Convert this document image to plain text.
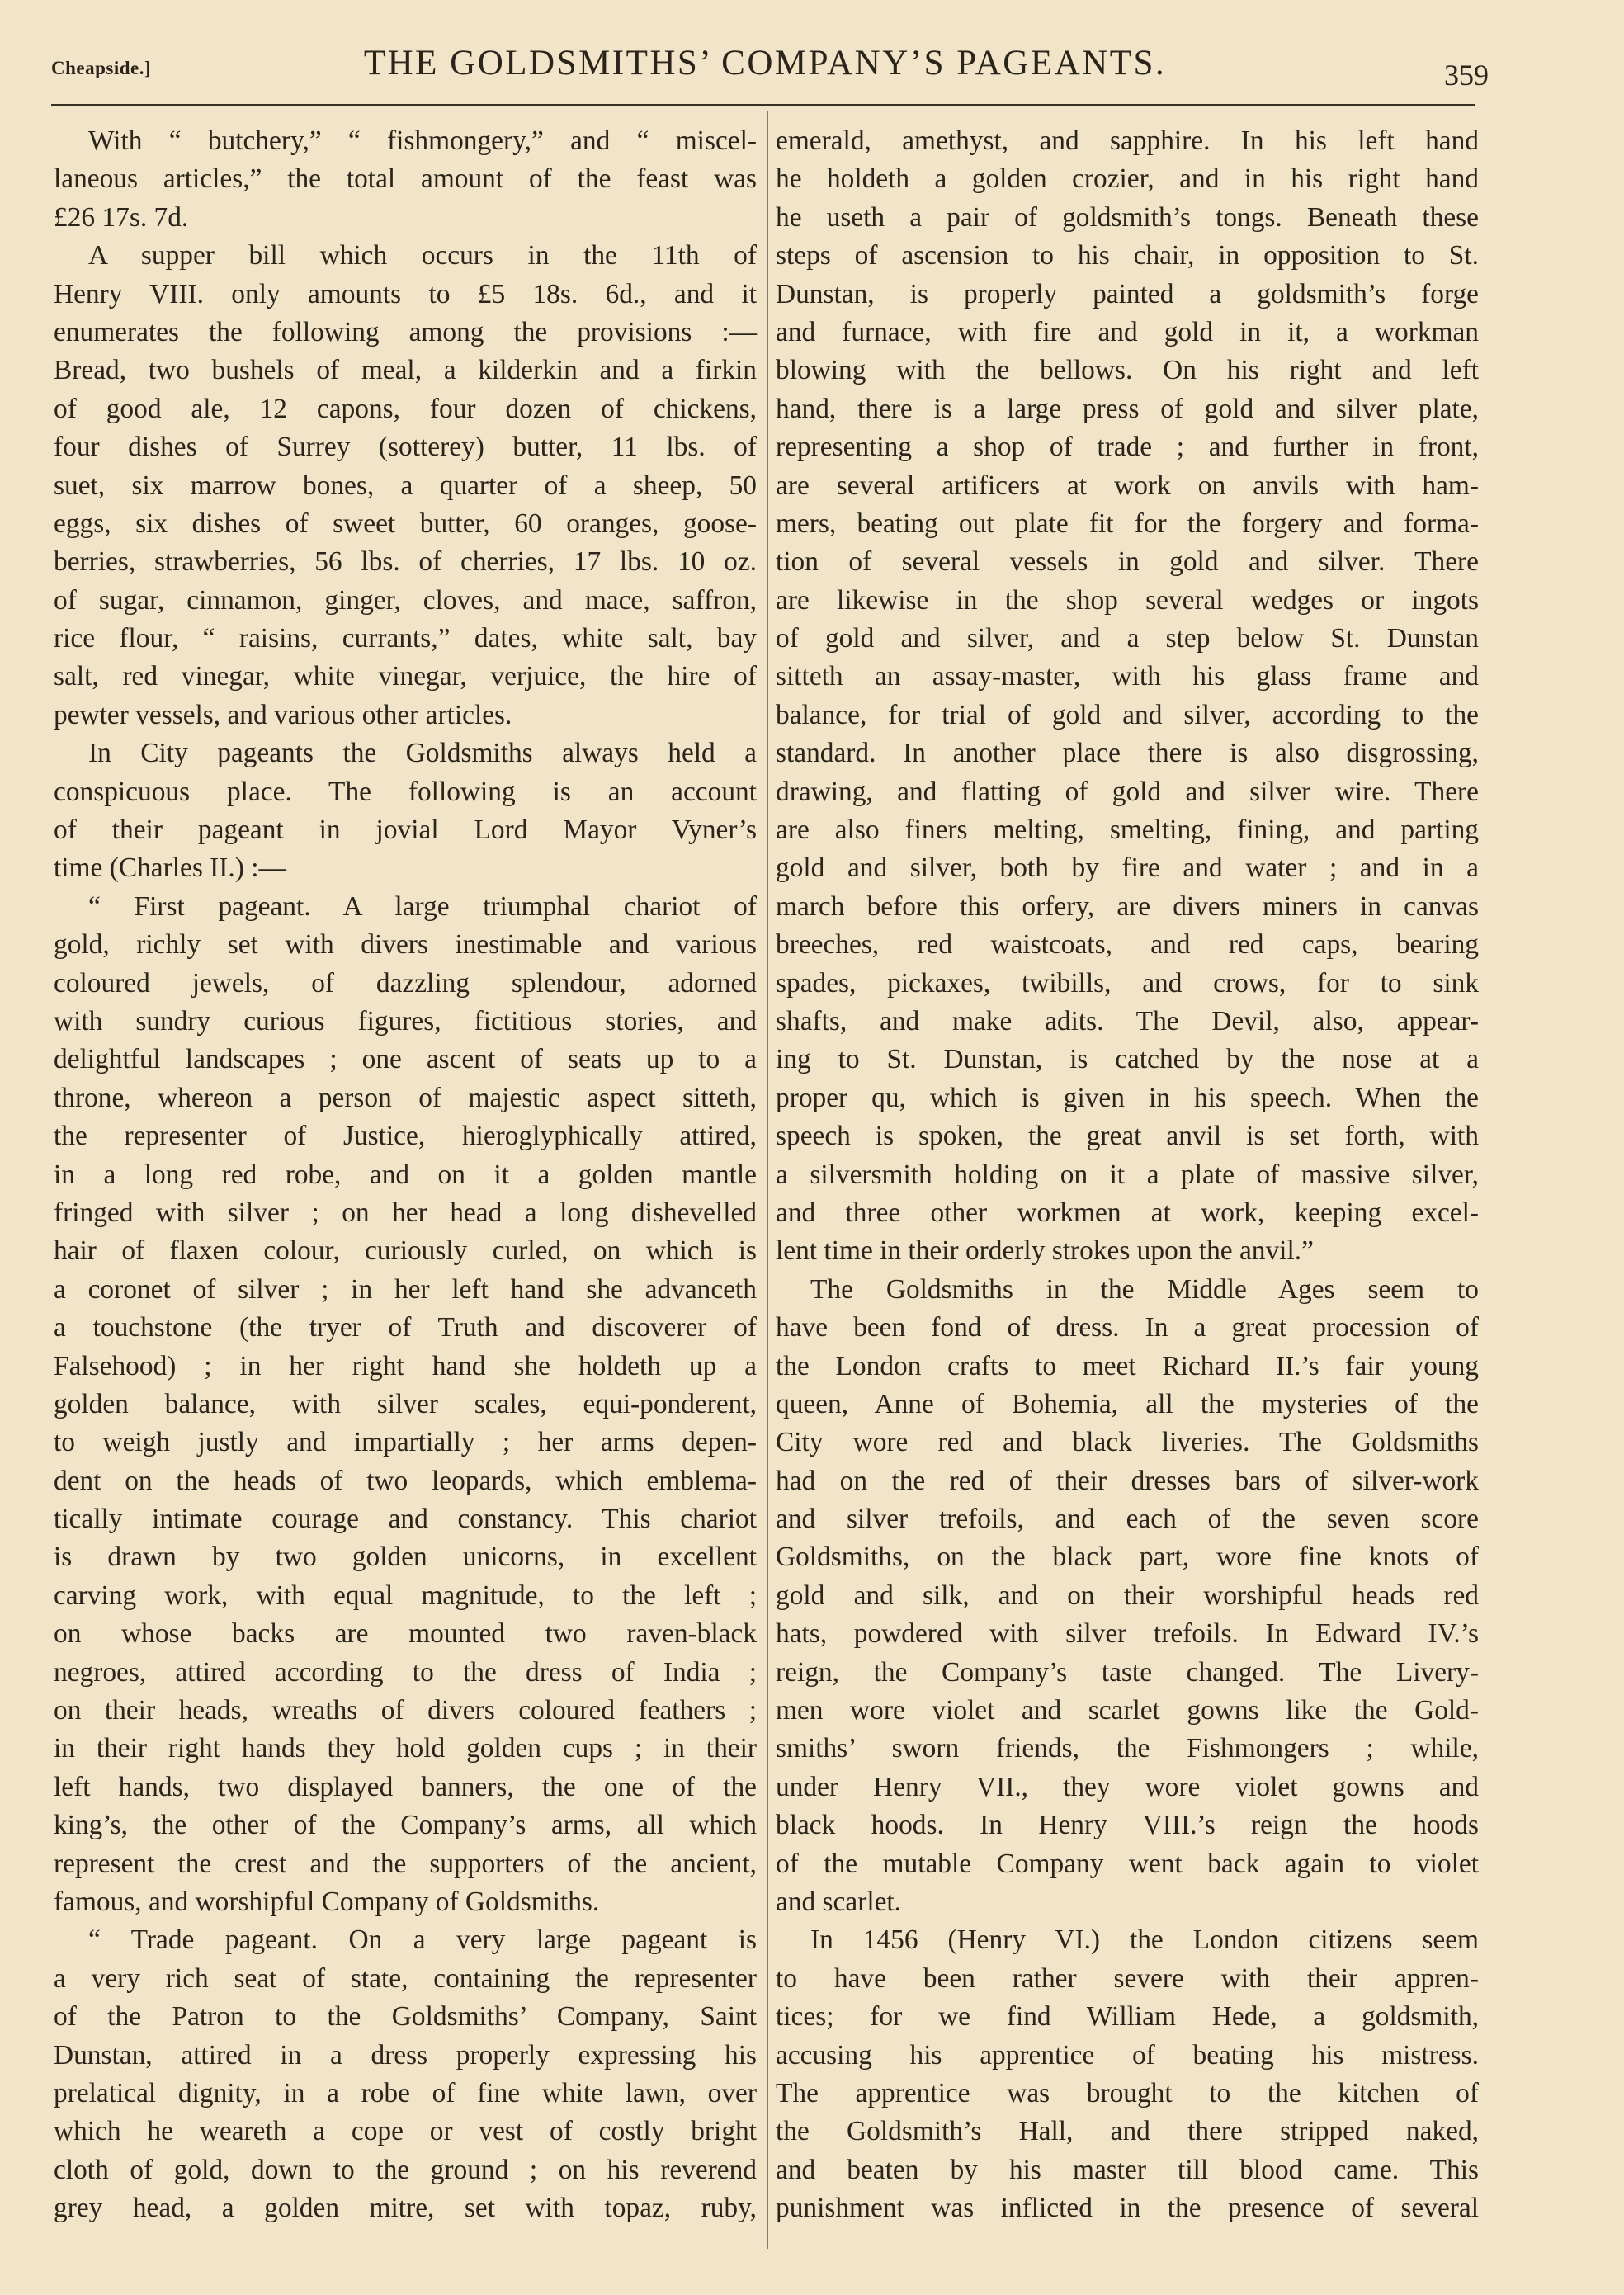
Cheapside.]	THE GOLDSMITHS’ COMPANY’S PAGEANTS.	359
With “ butchery,” “ fishmongery,” and “ miscel-
laneous articles,” the total amount of the feast was
£26 17s. 7d.
A supper bill which occurs in the 11th of
Henry VIII. only amounts to £5 18s. 6d., and it
enumerates the following among the provisions :—
Bread, two bushels of meal, a kilderkin and a firkin
of good ale, 12 capons, four dozen of chickens,
four dishes of Surrey (sotterey) butter, 11 lbs. of
suet, six marrow bones, a quarter of a sheep, 50
eggs, six dishes of sweet butter, 60 oranges, goose-
berries, strawberries, 56 lbs. of cherries, 17 lbs. 10 oz.
of sugar, cinnamon, ginger, cloves, and mace, saffron,
rice flour, “ raisins, currants,” dates, white salt, bay
salt, red vinegar, white vinegar, verjuice, the hire of
pewter vessels, and various other articles.
In City pageants the Goldsmiths always held a
conspicuous place. The following is an account
of their pageant in jovial Lord Mayor Vyner’s
time (Charles II.) :—
“ First pageant. A large triumphal chariot of
gold, richly set with divers inestimable and various
coloured jewels, of dazzling splendour, adorned
with sundry curious figures, fictitious stories, and
delightful landscapes ; one ascent of seats up to a
throne, whereon a person of majestic aspect sitteth,
the representer of Justice, hieroglyphically attired,
in a long red robe, and on it a golden mantle
fringed with silver ; on her head a long dishevelled
hair of flaxen colour, curiously curled, on which is
a coronet of silver ; in her left hand she advanceth
a touchstone (the tryer of Truth and discoverer of
Falsehood) ; in her right hand she holdeth up a
golden balance, with silver scales, equi-ponderent,
to weigh justly and impartially ; her arms depen-
dent on the heads of two leopards, which emblema-
tically intimate courage and constancy. This chariot
is drawn by two golden unicorns, in excellent
carving work, with equal magnitude, to the left ;
on whose backs are mounted two raven-black
negroes, attired according to the dress of India ;
on their heads, wreaths of divers coloured feathers ;
in their right hands they hold golden cups ; in their
left hands, two displayed banners, the one of the
king’s, the other of the Company’s arms, all which
represent the crest and the supporters of the ancient,
famous, and worshipful Company of Goldsmiths.
“ Trade pageant. On a very large pageant is
a very rich seat of state, containing the representer
of the Patron to the Goldsmiths’ Company, Saint
Dunstan, attired in a dress properly expressing his
prelatical dignity, in a robe of fine white lawn, over
which he weareth a cope or vest of costly bright
cloth of gold, down to the ground ; on his reverend
grey head, a golden mitre, set with topaz, ruby,
emerald, amethyst, and sapphire. In his left hand
he holdeth a golden crozier, and in his right hand
he useth a pair of goldsmith’s tongs. Beneath these
steps of ascension to his chair, in opposition to St.
Dunstan, is properly painted a goldsmith’s forge
and furnace, with fire and gold in it, a workman
blowing with the bellows. On his right and left
hand, there is a large press of gold and silver plate,
representing a shop of trade ; and further in front,
are several artificers at work on anvils with ham-
mers, beating out plate fit for the forgery and forma-
tion of several vessels in gold and silver. There
are likewise in the shop several wedges or ingots
of gold and silver, and a step below St. Dunstan
sitteth an assay-master, with his glass frame and
balance, for trial of gold and silver, according to the
standard. In another place there is also disgrossing,
drawing, and flatting of gold and silver wire. There
are also finers melting, smelting, fining, and parting
gold and silver, both by fire and water ; and in a
march before this orfery, are divers miners in canvas
breeches, red waistcoats, and red caps, bearing
spades, pickaxes, twibills, and crows, for to sink
shafts, and make adits. The Devil, also, appear-
ing to St. Dunstan, is catched by the nose at a
proper qu, which is given in his speech. When the
speech is spoken, the great anvil is set forth, with
a silversmith holding on it a plate of massive silver,
and three other workmen at work, keeping excel-
lent time in their orderly strokes upon the anvil.”
The Goldsmiths in the Middle Ages seem to
have been fond of dress. In a great procession of
the London crafts to meet Richard II.’s fair young
queen, Anne of Bohemia, all the mysteries of the
City wore red and black liveries. The Goldsmiths
had on the red of their dresses bars of silver-work
and silver trefoils, and each of the seven score
Goldsmiths, on the black part, wore fine knots of
gold and silk, and on their worshipful heads red
hats, powdered with silver trefoils. In Edward IV.’s
reign, the Company’s taste changed. The Livery-
men wore violet and scarlet gowns like the Gold-
smiths’ sworn friends, the Fishmongers ; while,
under Henry VII., they wore violet gowns and
black hoods. In Henry VIII.’s reign the hoods
of the mutable Company went back again to violet
and scarlet.
In 1456 (Henry VI.) the London citizens seem
to have been rather severe with their appren-
tices; for we find William Hede, a goldsmith,
accusing his apprentice of beating his mistress.
The apprentice was brought to the kitchen of
the Goldsmith’s Hall, and there stripped naked,
and beaten by his master till blood came. This
punishment was inflicted in the presence of several
